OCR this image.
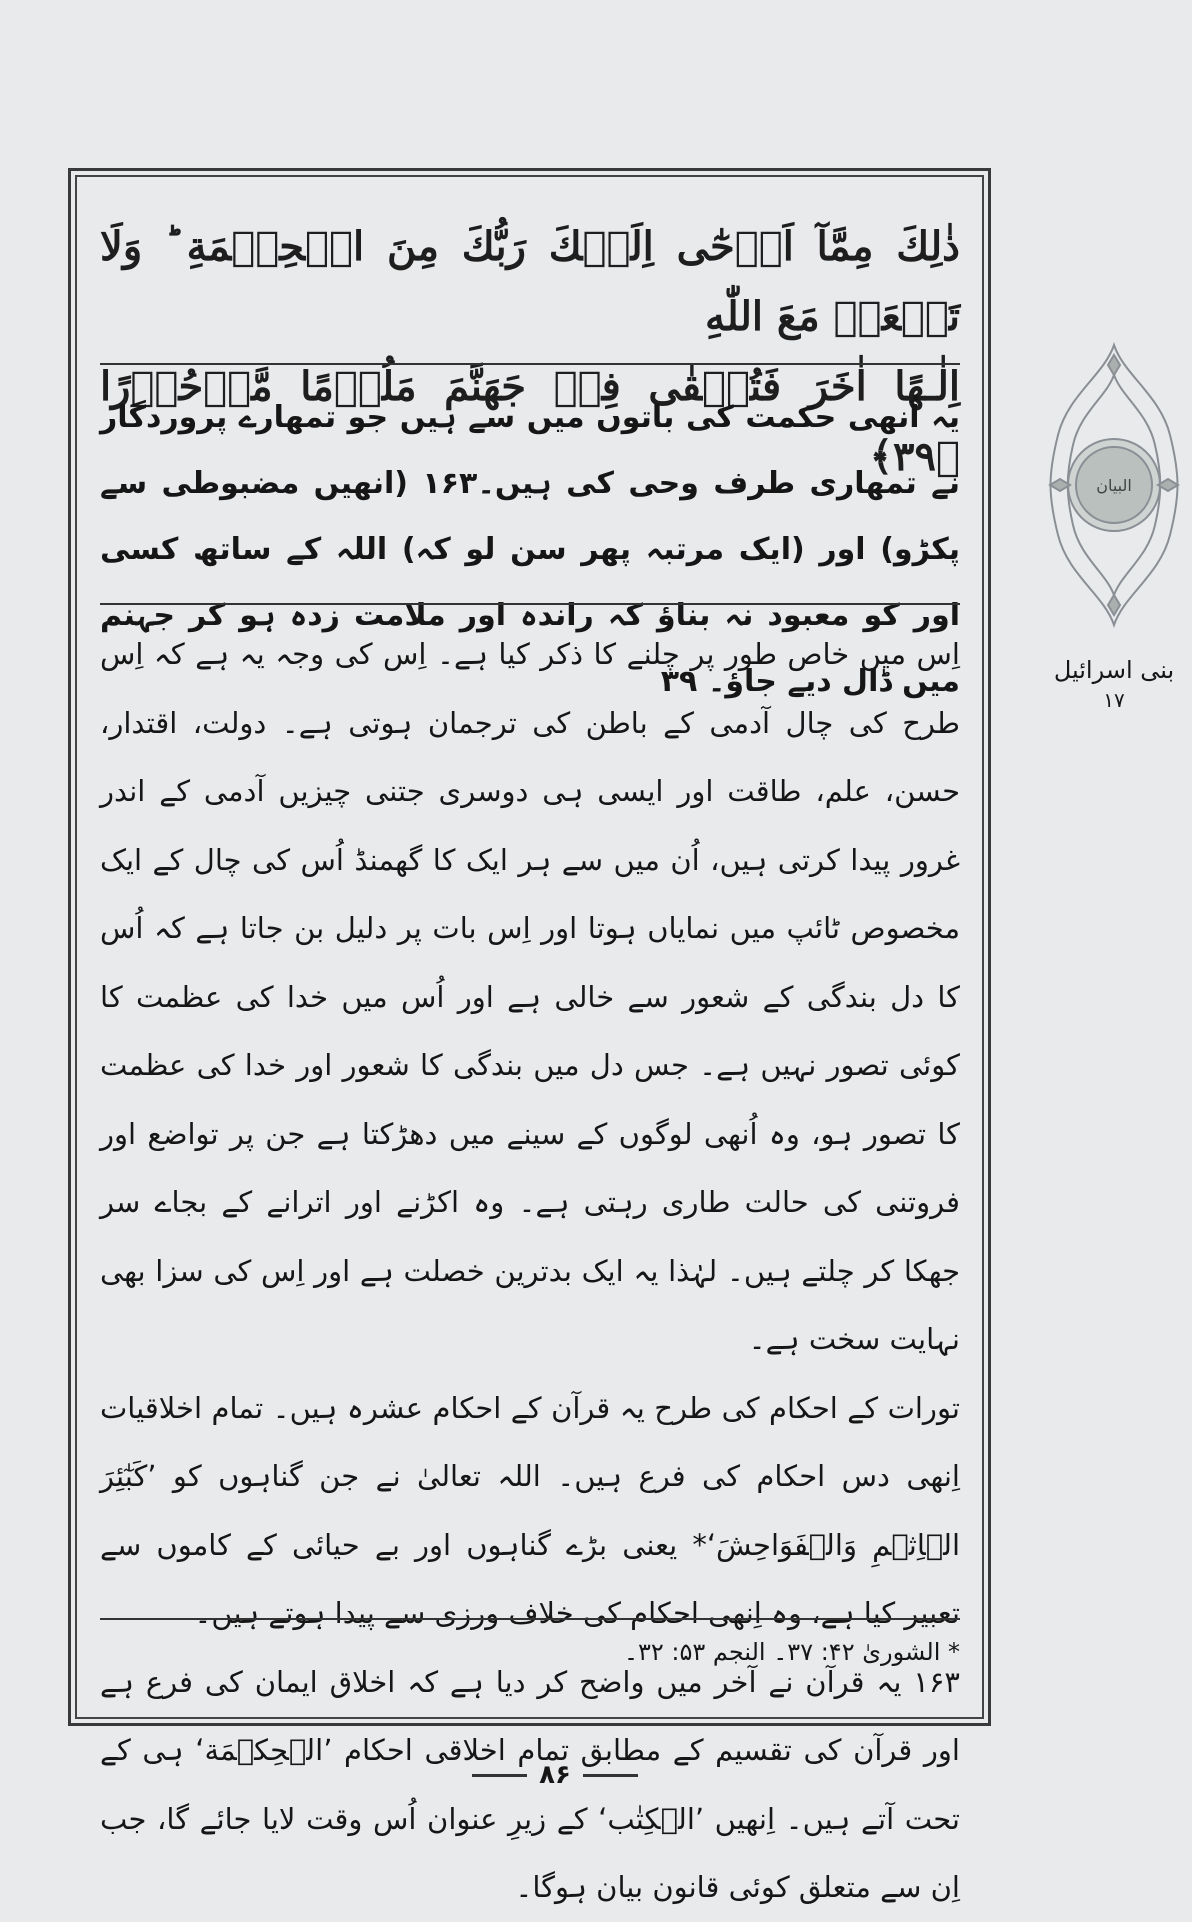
ذٰلِكَ مِمَّآ اَوۡحٰٓى اِلَيۡكَ رَبُّكَ مِنَ الۡحِكۡمَةِ ؕ وَلَا تَجۡعَلۡ مَعَ اللّٰهِ
اِلٰـهًا اٰخَرَ فَتُلۡقٰى فِىۡ جَهَنَّمَ مَلُوۡمًا مَّدۡحُوۡرًا ﴿۳۹﴾

یہ اُنھی حکمت کی باتوں میں سے ہیں جو تمھارے پروردگار نے تمھاری طرف وحی کی ہیں۔۱۶۳ (انھیں مضبوطی سے پکڑو) اور (ایک مرتبہ پھر سن لو کہ) اللہ کے ساتھ کسی اور کو معبود نہ بناؤ کہ راندہ اور ملامت زدہ ہو کر جہنم میں ڈال دیے جاؤ۔ ۳۹

اِس میں خاص طور پر چلنے کا ذکر کیا ہے۔ اِس کی وجہ یہ ہے کہ اِس طرح کی چال آدمی کے باطن کی ترجمان ہوتی ہے۔ دولت، اقتدار، حسن، علم، طاقت اور ایسی ہی دوسری جتنی چیزیں آدمی کے اندر غرور پیدا کرتی ہیں، اُن میں سے ہر ایک کا گھمنڈ اُس کی چال کے ایک مخصوص ٹائپ میں نمایاں ہوتا اور اِس بات پر دلیل بن جاتا ہے کہ اُس کا دل بندگی کے شعور سے خالی ہے اور اُس میں خدا کی عظمت کا کوئی تصور نہیں ہے۔ جس دل میں بندگی کا شعور اور خدا کی عظمت کا تصور ہو، وہ اُنھی لوگوں کے سینے میں دھڑکتا ہے جن پر تواضع اور فروتنی کی حالت طاری رہتی ہے۔ وہ اکڑنے اور اترانے کے بجاے سر جھکا کر چلتے ہیں۔ لہٰذا یہ ایک بدترین خصلت ہے اور اِس کی سزا بھی نہایت سخت ہے۔

تورات کے احکام کی طرح یہ قرآن کے احکام عشرہ ہیں۔ تمام اخلاقیات اِنھی دس احکام کی فرع ہیں۔ اللہ تعالیٰ نے جن گناہوں کو ’كَبٰٓئِرَ الۡاِثۡمِ وَالۡفَوَاحِشَ‘* یعنی بڑے گناہوں اور بے حیائی کے کاموں سے تعبیر کیا ہے، وہ اِنھی احکام کی خلاف ورزی سے پیدا ہوتے ہیں۔

۱۶۳ یہ قرآن نے آخر میں واضح کر دیا ہے کہ اخلاق ایمان کی فرع ہے اور قرآن کی تقسیم کے مطابق تمام اخلاقی احکام ’الۡحِكۡمَة‘ ہی کے تحت آتے ہیں۔ اِنھیں ’الۡكِتٰب‘ کے زیرِ عنوان اُس وقت لایا جائے گا، جب اِن سے متعلق کوئی قانون بیان ہوگا۔

* الشوریٰ ۴۲: ۳۷۔ النجم ۵۳: ۳۲۔
۸۶
البیان
بنی اسرائیل
۱۷
